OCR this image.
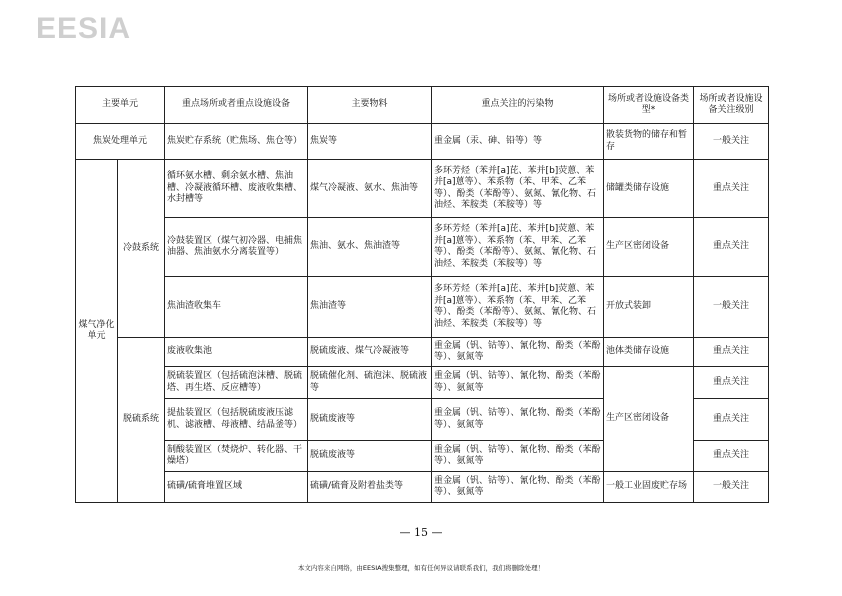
EESIA
主要单元		重点场所或者重点设施设备	主要物料	重点关注的污染物	场所或者设施设备类型*	场所或者设施设备关注级别
焦炭处理单元		焦炭贮存系统（贮焦场、焦仓等）	焦炭等	重金属（汞、砷、铅等）等	散装货物的储存和暂存	一般关注
煤气净化单元	冷鼓系统	循环氨水槽、剩余氨水槽、焦油槽、冷凝液循环槽、废液收集槽、水封槽等	煤气冷凝液、氨水、焦油等	多环芳烃（苯并[a]芘、苯并[b]荧蒽、苯并[a]蒽等）、苯系物（苯、甲苯、乙苯等）、酚类（苯酚等）、氨氮、氰化物、石油烃、苯胺类（苯胺等）等	储罐类储存设施	重点关注
		冷鼓装置区（煤气初冷器、电捕焦油器、焦油氨水分离装置等）	焦油、氨水、焦油渣等	多环芳烃（苯并[a]芘、苯并[b]荧蒽、苯并[a]蒽等）、苯系物（苯、甲苯、乙苯等）、酚类（苯酚等）、氨氮、氰化物、石油烃、苯胺类（苯胺等）等	生产区密闭设备	重点关注
		焦油渣收集车	焦油渣等	多环芳烃（苯并[a]芘、苯并[b]荧蒽、苯并[a]蒽等）、苯系物（苯、甲苯、乙苯等）、酚类（苯酚等）、氨氮、氰化物、石油烃、苯胺类（苯胺等）等	开放式装卸	一般关注
	脱硫系统	废液收集池	脱硫废液、煤气冷凝液等	重金属（钒、钴等）、氰化物、酚类（苯酚等）、氨氮等	池体类储存设施	重点关注
		脱硫装置区（包括硫泡沫槽、脱硫塔、再生塔、反应槽等）	脱硫催化剂、硫泡沫、脱硫液等	重金属（钒、钴等）、氰化物、酚类（苯酚等）、氨氮等	生产区密闭设备	重点关注
		提盐装置区（包括脱硫废液压滤机、滤液槽、母液槽、结晶釜等）	脱硫废液等	重金属（钒、钴等）、氰化物、酚类（苯酚等）、氨氮等		重点关注
		制酸装置区（焚烧炉、转化器、干燥塔）	脱硫废液等	重金属（钒、钴等）、氰化物、酚类（苯酚等）、氨氮等		重点关注
		硫磺/硫膏堆置区域	硫磺/硫膏及附着盐类等	重金属（钒、钴等）、氰化物、酚类（苯酚等）、氨氮等	一般工业固废贮存场	一般关注
— 15 —
本文内容来自网络，由EESIA搜集整理，如有任何异议请联系我们，我们将删除处理！
